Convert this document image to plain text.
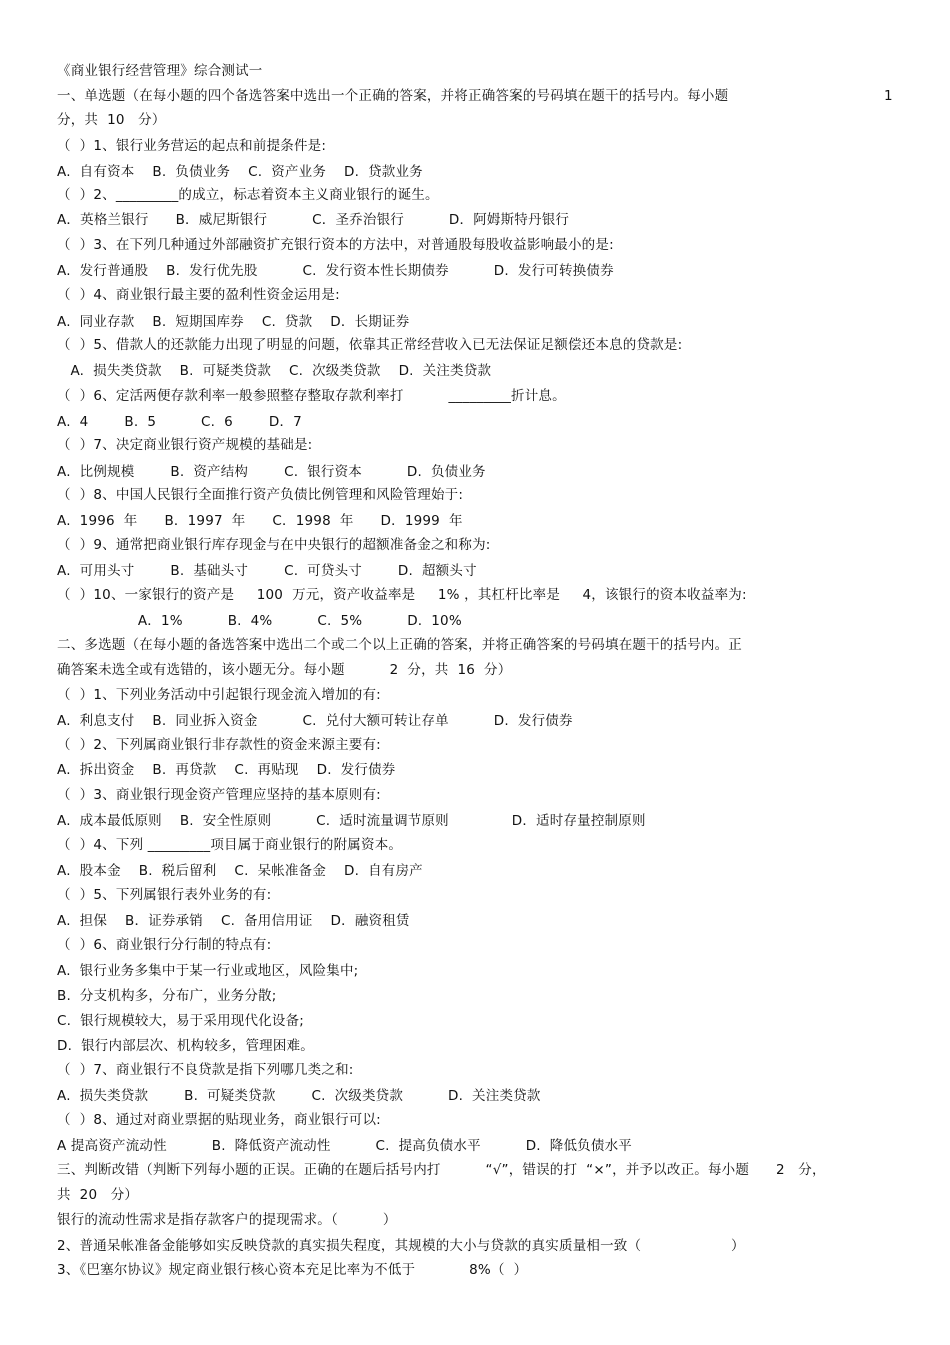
《商业银行经营管理》综合测试一
一、单选题（在每小题的四个备选答案中选出一个正确的答案，并将正确答案的号码填在题干的括号内。每小题	1
分，共  10   分）
（  ）1、银行业务营运的起点和前提条件是:
A.  自有资本    B.  负债业务    C.  资产业务    D.  贷款业务
（  ）2、_________的成立，标志着资本主义商业银行的诞生。
A．英格兰银行      B．威尼斯银行          C．圣乔治银行          D．阿姆斯特丹银行
（  ）3、在下列几种通过外部融资扩充银行资本的方法中，对普通股每股收益影响最小的是:
A.  发行普通股    B.  发行优先股          C.  发行资本性长期债券          D.  发行可转换债券
（  ）4、商业银行最主要的盈利性资金运用是:
A.  同业存款    B.  短期国库券    C.  贷款    D．长期证券
（  ）5、借款人的还款能力出现了明显的问题，依靠其正常经营收入已无法保证足额偿还本息的贷款是:
A.  损失类贷款    B.  可疑类贷款    C.  次级类贷款    D.  关注类贷款
（  ）6、定活两便存款利率一般参照整存整取存款利率打          _________折计息。
A.  4        B.  5          C.  6        D．7
（  ）7、决定商业银行资产规模的基础是:
A.  比例规模        B.  资产结构        C.  银行资本          D.  负债业务
（  ）8、中国人民银行全面推行资产负债比例管理和风险管理始于:
A.  1996  年      B．1997  年      C．1998  年      D．1999  年
（  ）9、通常把商业银行库存现金与在中央银行的超额准备金之和称为:
A.  可用头寸        B.  基础头寸        C.  可贷头寸        D.  超额头寸
（  ）10、一家银行的资产是     100  万元，资产收益率是     1% ，其杠杆比率是     4，该银行的资本收益率为:
A．1%          B.  4%          C.  5%          D.  10%
二、多选题（在每小题的备选答案中选出二个或二个以上正确的答案，并将正确答案的号码填在题干的括号内。正
确答案未选全或有选错的，该小题无分。每小题          2  分，共  16  分）
（  ）1、下列业务活动中引起银行现金流入增加的有:
A.  利息支付    B.  同业拆入资金          C.  兑付大额可转让存单          D.  发行债券
（  ）2、下列属商业银行非存款性的资金来源主要有:
A.  拆出资金    B.  再贷款    C.  再贴现    D.  发行债券
（  ）3、商业银行现金资产管理应坚持的基本原则有:
A.  成本最低原则    B.  安全性原则          C.  适时流量调节原则              D．适时存量控制原则
（  ）4、下列 _________项目属于商业银行的附属资本。
A.  股本金    B.  税后留利    C.  呆帐准备金    D.  自有房产
（  ）5、下列属银行表外业务的有:
A.  担保    B．证券承销    C.  备用信用证    D．融资租赁
（  ）6、商业银行分行制的特点有:
A.  银行业务多集中于某一行业或地区，风险集中;
B.  分支机构多，分布广，业务分散;
C.  银行规模较大，易于采用现代化设备;
D.  银行内部层次、机构较多，管理困难。
（  ）7、商业银行不良贷款是指下列哪几类之和:
A.  损失类贷款        B.  可疑类贷款        C.  次级类贷款          D.  关注类贷款
（  ）8、通过对商业票据的贴现业务，商业银行可以:
A 提高资产流动性          B.  降低资产流动性          C.  提高负债水平          D.  降低负债水平
三、判断改错（判断下列每小题的正误。正确的在题后括号内打          “√”，错误的打  “×”，并予以改正。每小题      2   分，
共  20   分）
银行的流动性需求是指存款客户的提现需求。（          ）
2、普通呆帐准备金能够如实反映贷款的真实损失程度，其规模的大小与贷款的真实质量相一致（                    ）
3、《巴塞尔协议》规定商业银行核心资本充足比率为不低于            8%（  ）
